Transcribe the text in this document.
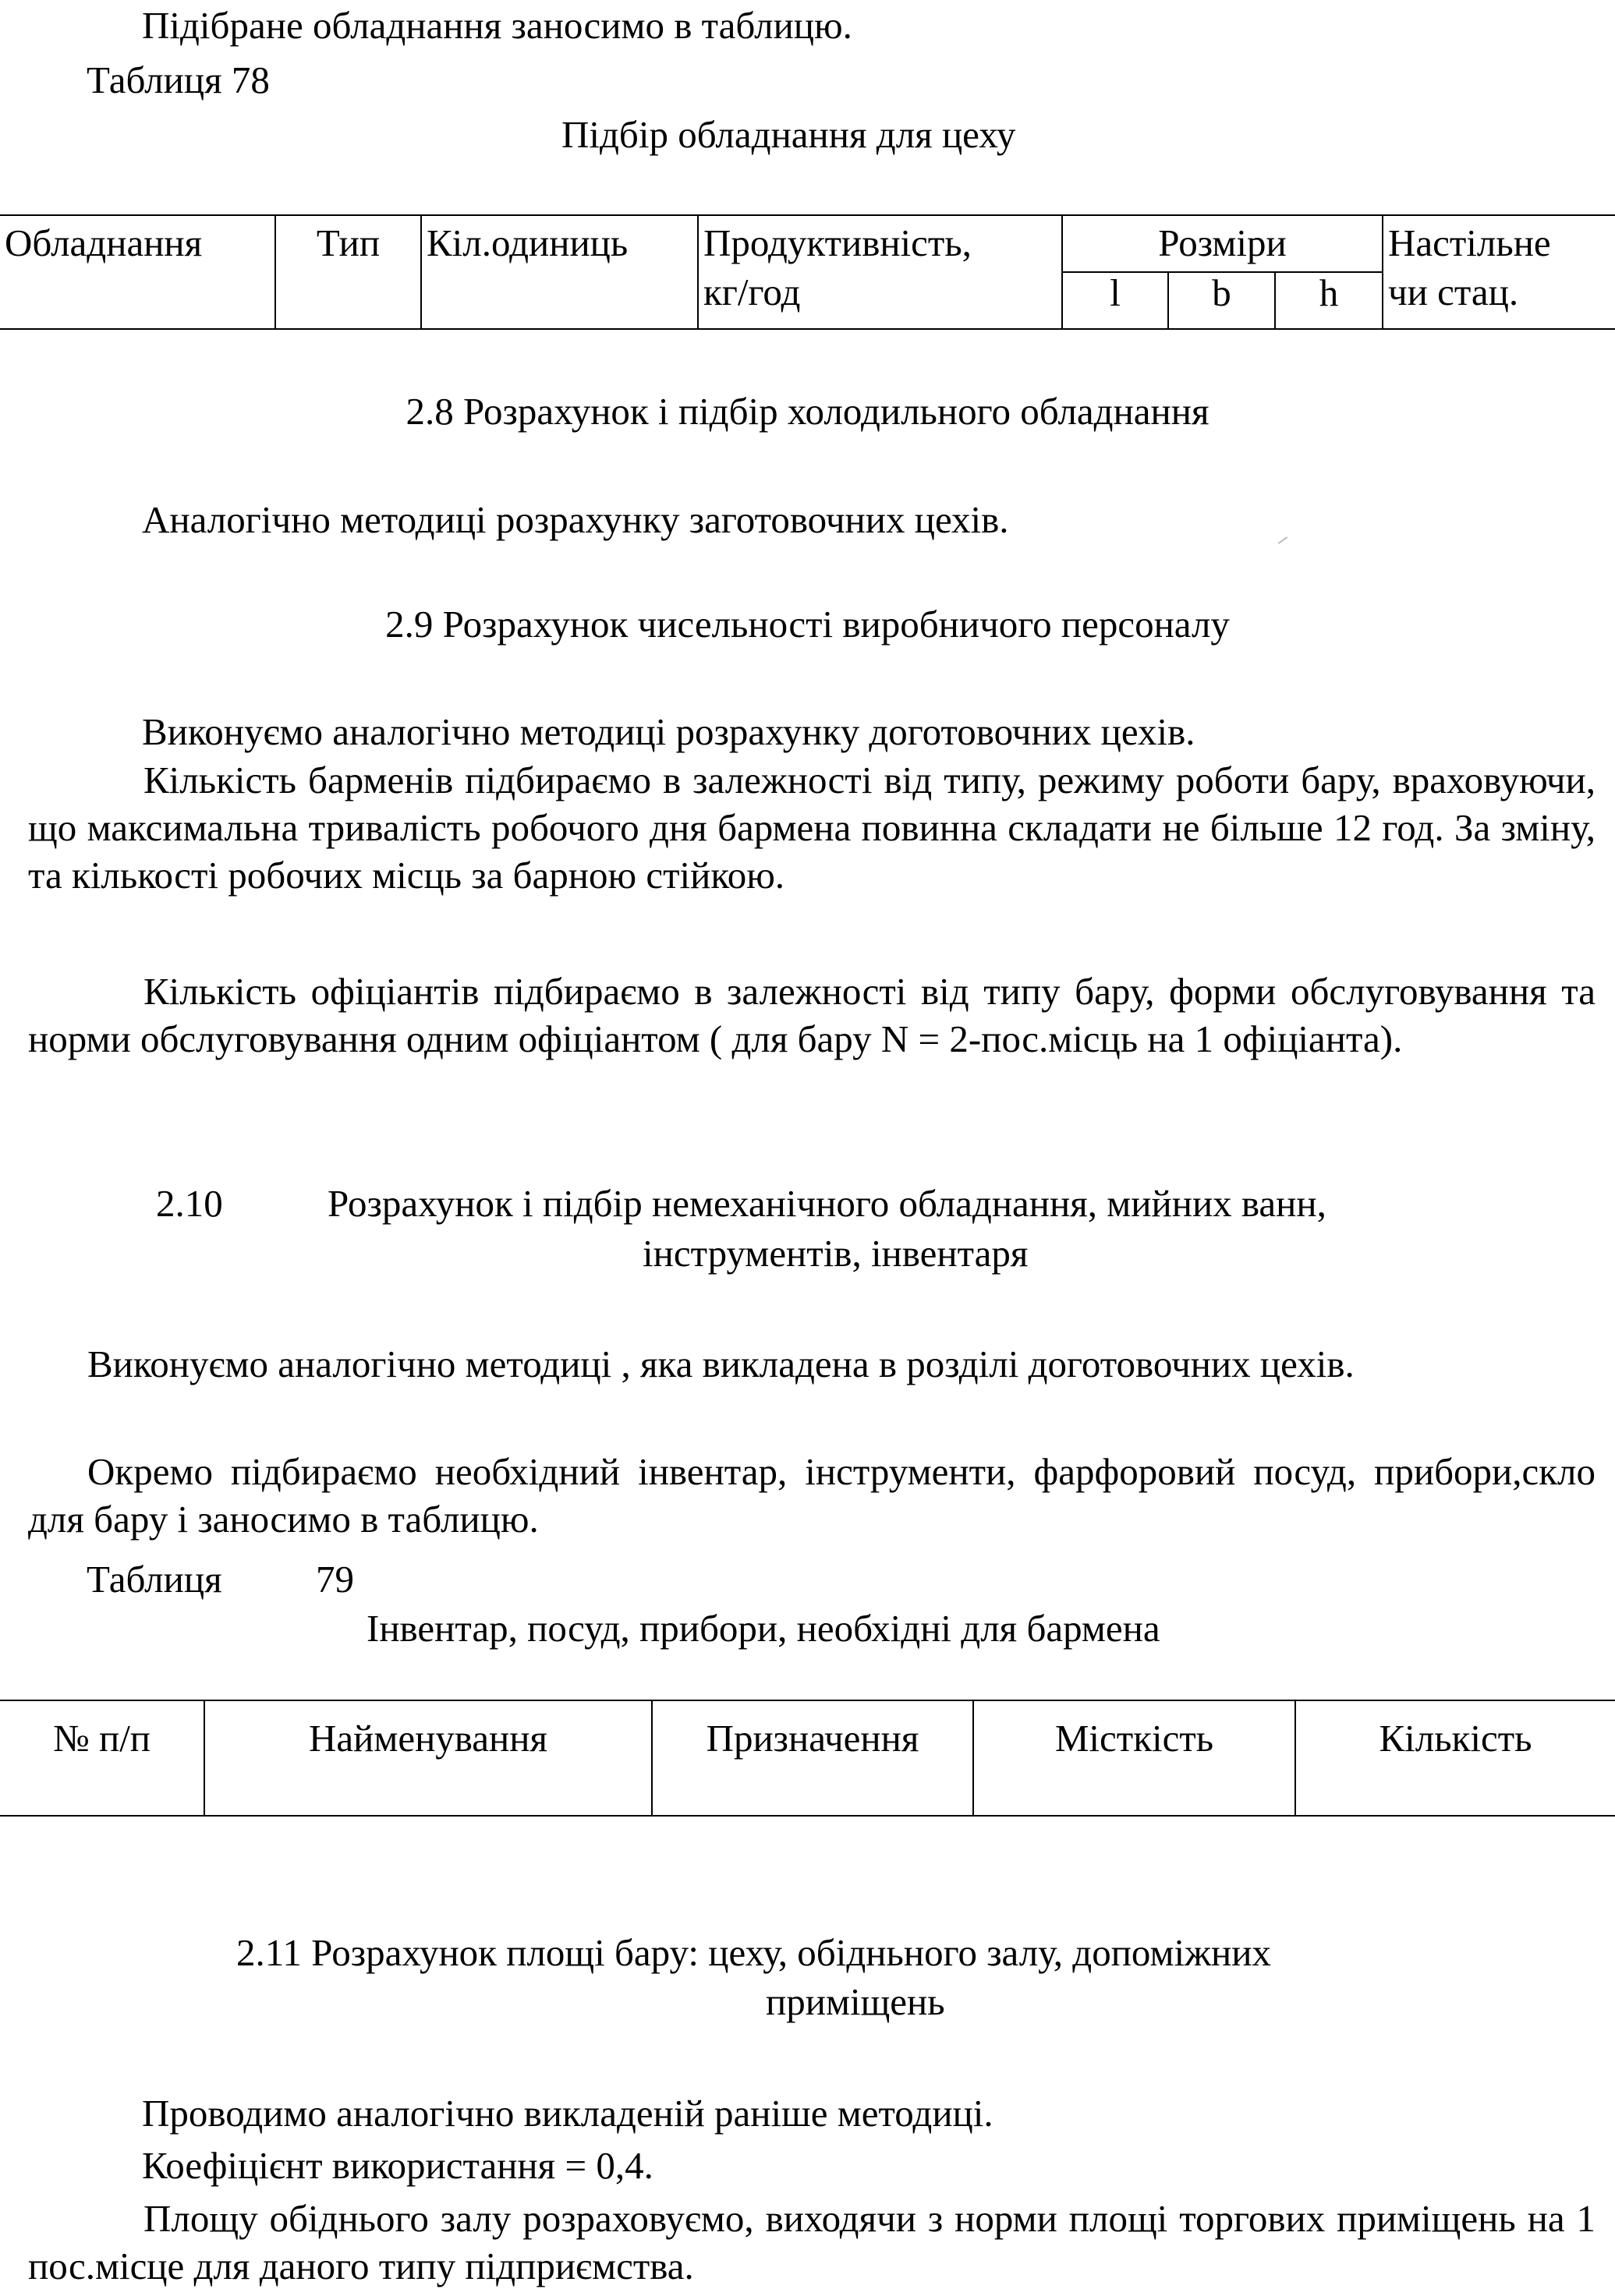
Підібране обладнання заносимо в таблицю.

Таблиця 78

Підбір обладнання для цеху

Обладнання	Тип	Кіл.одиниць	Продуктивність,	Розміри			Настільне
			кг/год	l	b	h	чи стац.

2.8 Розрахунок і підбір холодильного обладнання

Аналогічно методиці розрахунку заготовочних цехів.

2.9 Розрахунок чисельності виробничого персоналу

Виконуємо аналогічно методиці розрахунку доготовочних цехів.

Кількість барменів підбираємо в залежності від типу, режиму роботи бару, враховуючи, що максимальна тривалість робочого дня бармена повинна складати не більше 12 год. За зміну, та кількості робочих місць за барною стійкою.

Кількість офіціантів підбираємо в залежності від типу бару, форми обслуговування та норми обслуговування одним офіціантом ( для бару N = 2-пос.місць на 1 офіціанта).

2.10	Розрахунок і підбір немеханічного обладнання, мийних ванн,

інструментів, інвентаря

Виконуємо аналогічно методиці , яка викладена в розділі доготовочних цехів.

Окремо підбираємо необхідний інвентар, інструменти, фарфоровий посуд, прибори,скло для бару і заносимо в таблицю.

Таблиця 79

Інвентар, посуд, прибори, необхідні для бармена

№ п/п	Найменування	Призначення	Місткість	Кількість

2.11 Розрахунок площі бару: цеху, обідньного залу, допоміжних

приміщень

Проводимо аналогічно викладеній раніше методиці.

Коефіцієнт використання = 0,4.

Площу обіднього залу розраховуємо, виходячи з норми площі торгових приміщень на 1 пос.місце для даного типу підприємства.
